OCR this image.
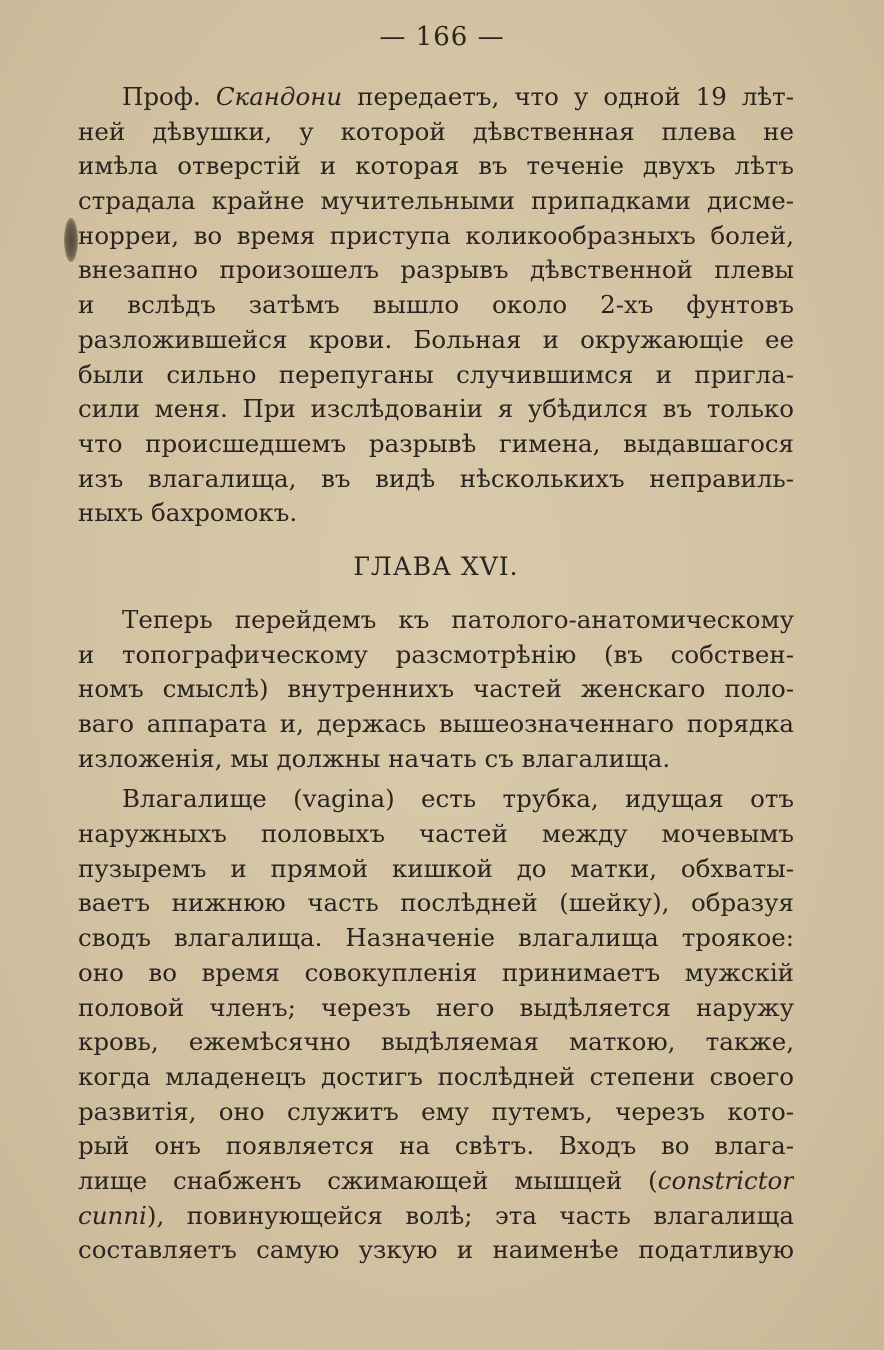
— 166 —
Проф. Скандони передаетъ, что у одной 19 лѣт-
ней дѣвушки, у которой дѣвственная плева не
имѣла отверстій и которая въ теченіе двухъ лѣтъ
страдала крайне мучительными припадками дисме-
норреи, во время приступа коликообразныхъ болей,
внезапно произошелъ разрывъ дѣвственной плевы
и вслѣдъ затѣмъ вышло около 2-хъ фунтовъ
разложившейся крови. Больная и окружающіе ее
были сильно перепуганы случившимся и пригла-
сили меня. При изслѣдованіи я убѣдился въ только
что происшедшемъ разрывѣ гимена, выдавшагося
изъ влагалища, въ видѣ нѣсколькихъ неправиль-
ныхъ бахромокъ.
ГЛАВА XVI.
Теперь перейдемъ къ патолого-анатомическому
и топографическому разсмотрѣнію (въ собствен-
номъ смыслѣ) внутреннихъ частей женскаго поло-
ваго аппарата и, держась вышеозначеннаго порядка
изложенія, мы должны начать съ влагалища.
Влагалище (vagina) есть трубка, идущая отъ
наружныхъ половыхъ частей между мочевымъ
пузыремъ и прямой кишкой до матки, обхваты-
ваетъ нижнюю часть послѣдней (шейку), образуя
сводъ влагалища. Назначеніе влагалища троякое:
оно во время совокупленія принимаетъ мужскій
половой членъ; черезъ него выдѣляется наружу
кровь, ежемѣсячно выдѣляемая маткою, также,
когда младенецъ достигъ послѣдней степени своего
развитія, оно служитъ ему путемъ, черезъ кото-
рый онъ появляется на свѣтъ. Входъ во влага-
лище снабженъ сжимающей мышцей (constrictor
cunni), повинующейся волѣ; эта часть влагалища
составляетъ самую узкую и наименѣе податливую
